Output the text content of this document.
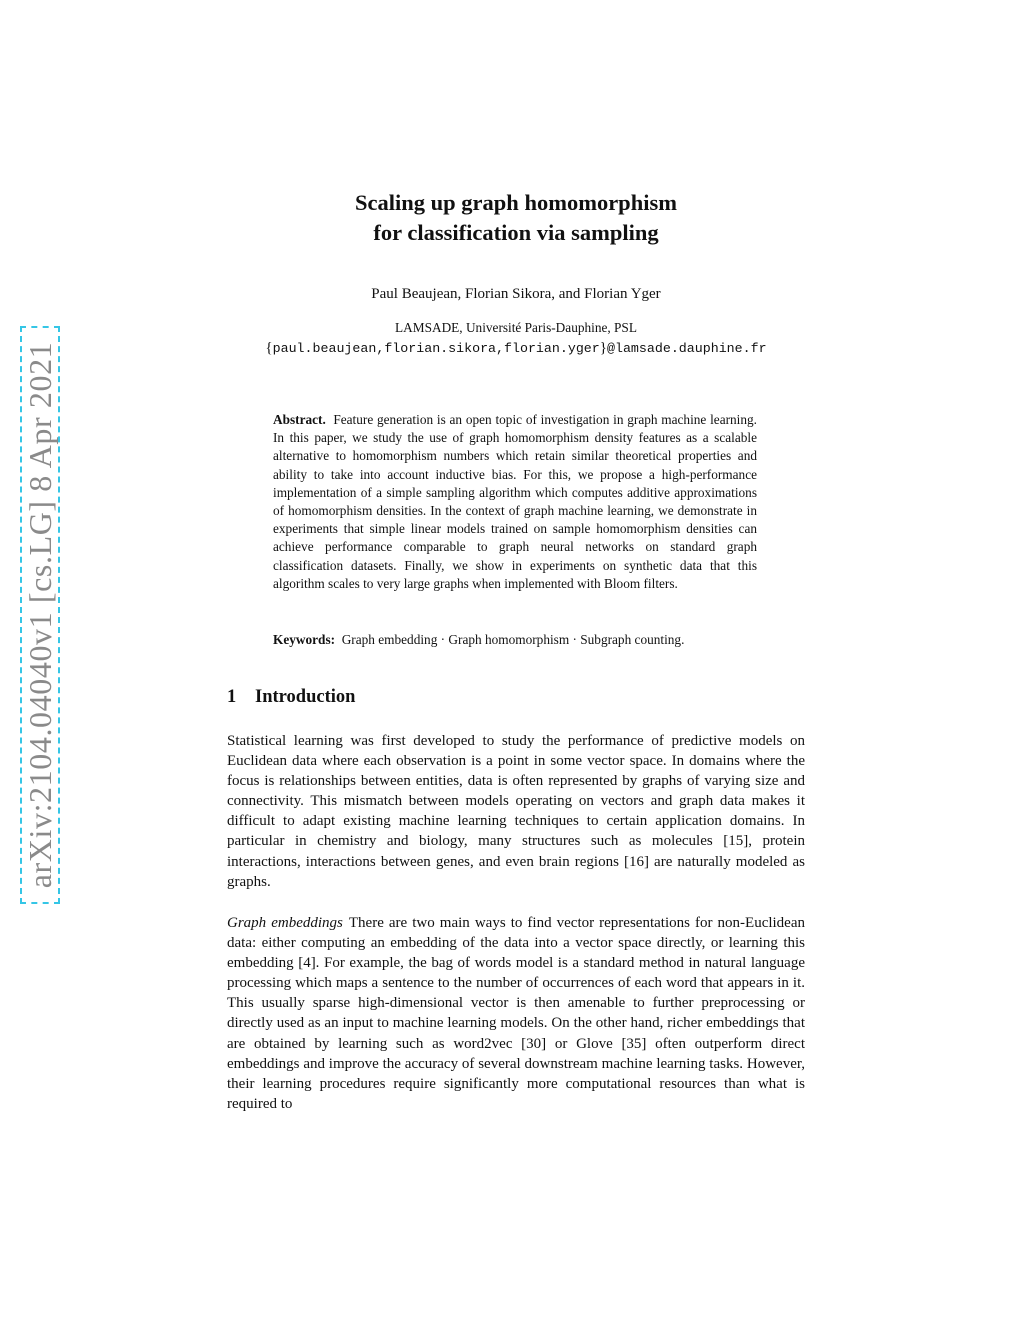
arXiv:2104.04040v1 [cs.LG] 8 Apr 2021
Scaling up graph homomorphism
for classification via sampling
Paul Beaujean, Florian Sikora, and Florian Yger
LAMSADE, Université Paris-Dauphine, PSL
{paul.beaujean,florian.sikora,florian.yger}@lamsade.dauphine.fr
Abstract. Feature generation is an open topic of investigation in graph machine learning. In this paper, we study the use of graph homomorphism density features as a scalable alternative to homomorphism numbers which retain similar theoretical properties and ability to take into account inductive bias. For this, we propose a high-performance implementation of a simple sampling algorithm which computes additive approximations of homomorphism densities. In the context of graph machine learning, we demonstrate in experiments that simple linear models trained on sample homomorphism densities can achieve performance comparable to graph neural networks on standard graph classification datasets. Finally, we show in experiments on synthetic data that this algorithm scales to very large graphs when implemented with Bloom filters.
Keywords: Graph embedding · Graph homomorphism · Subgraph counting.
1 Introduction
Statistical learning was first developed to study the performance of predictive models on Euclidean data where each observation is a point in some vector space. In domains where the focus is relationships between entities, data is often represented by graphs of varying size and connectivity. This mismatch between models operating on vectors and graph data makes it difficult to adapt existing machine learning techniques to certain application domains. In particular in chemistry and biology, many structures such as molecules [15], protein interactions, interactions between genes, and even brain regions [16] are naturally modeled as graphs.
Graph embeddings There are two main ways to find vector representations for non-Euclidean data: either computing an embedding of the data into a vector space directly, or learning this embedding [4]. For example, the bag of words model is a standard method in natural language processing which maps a sentence to the number of occurrences of each word that appears in it. This usually sparse high-dimensional vector is then amenable to further preprocessing or directly used as an input to machine learning models. On the other hand, richer embeddings that are obtained by learning such as word2vec [30] or Glove [35] often outperform direct embeddings and improve the accuracy of several downstream machine learning tasks. However, their learning procedures require significantly more computational resources than what is required to
